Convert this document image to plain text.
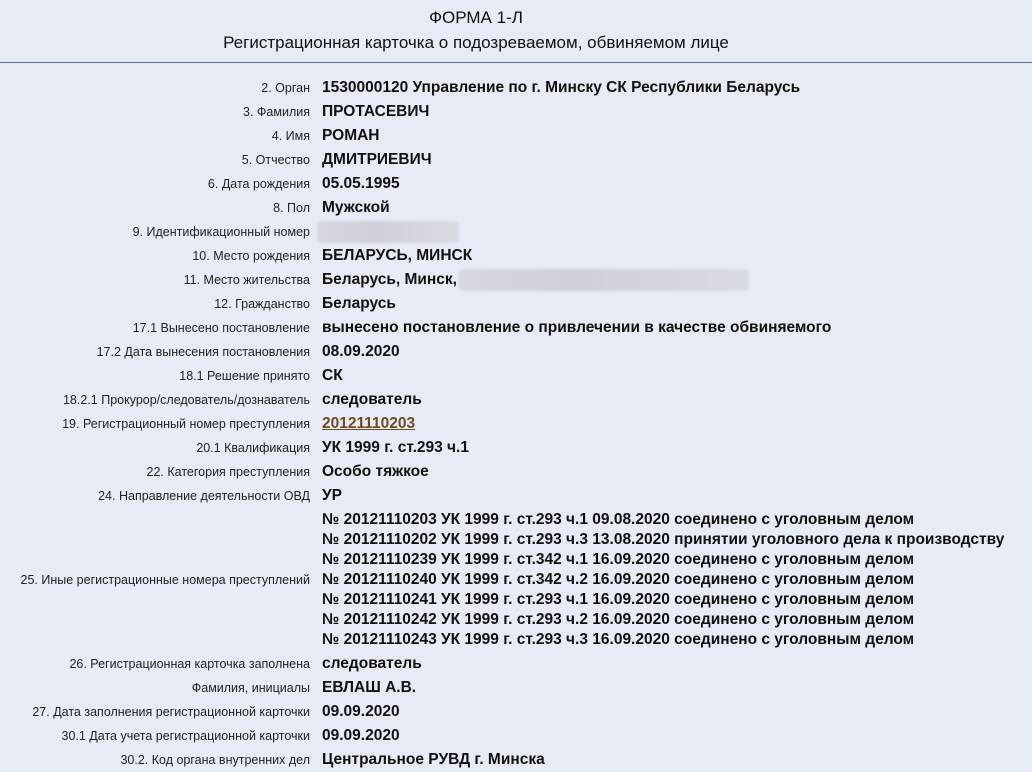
ФОРМА 1-Л
Регистрационная карточка о подозреваемом, обвиняемом лице
2. Орган 1530000120 Управление по г. Минску СК Республики Беларусь
3. Фамилия ПРОТАСЕВИЧ
4. Имя РОМАН
5. Отчество ДМИТРИЕВИЧ
6. Дата рождения 05.05.1995
8. Пол Мужской
9. Идентификационный номер
10. Место рождения БЕЛАРУСЬ, МИНСК
11. Место жительства Беларусь, Минск,
12. Гражданство Беларусь
17.1 Вынесено постановление вынесено постановление о привлечении в качестве обвиняемого
17.2 Дата вынесения постановления 08.09.2020
18.1 Решение принято СК
18.2.1 Прокурор/следователь/дознаватель следователь
19. Регистрационный номер преступления 20121110203
20.1 Квалификация УК 1999 г. ст.293 ч.1
22. Категория преступления Особо тяжкое
24. Направление деятельности ОВД УР
25. Иные регистрационные номера преступлений
№ 20121110203 УК 1999 г. ст.293 ч.1 09.08.2020 соединено с уголовным делом
№ 20121110202 УК 1999 г. ст.293 ч.3 13.08.2020 принятии уголовного дела к производству
№ 20121110239 УК 1999 г. ст.342 ч.1 16.09.2020 соединено с уголовным делом
№ 20121110240 УК 1999 г. ст.342 ч.2 16.09.2020 соединено с уголовным делом
№ 20121110241 УК 1999 г. ст.293 ч.1 16.09.2020 соединено с уголовным делом
№ 20121110242 УК 1999 г. ст.293 ч.2 16.09.2020 соединено с уголовным делом
№ 20121110243 УК 1999 г. ст.293 ч.3 16.09.2020 соединено с уголовным делом
26. Регистрационная карточка заполнена следователь
Фамилия, инициалы ЕВЛАШ А.В.
27. Дата заполнения регистрационной карточки 09.09.2020
30.1 Дата учета регистрационной карточки 09.09.2020
30.2. Код органа внутренних дел Центральное РУВД г. Минска
